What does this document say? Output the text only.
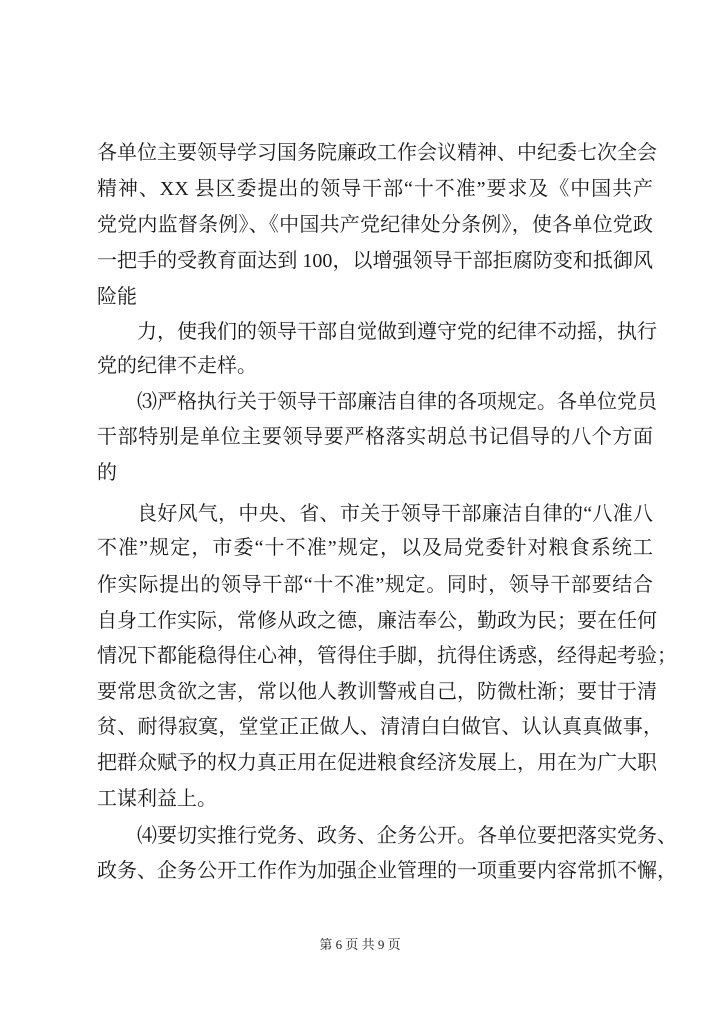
各单位主要领导学习国务院廉政工作会议精神、中纪委七次全会
精神、XX 县区委提出的领导干部“十不准”要求及《中国共产
党党内监督条例》、《中国共产党纪律处分条例》，使各单位党政
一把手的受教育面达到 100，以增强领导干部拒腐防变和抵御风
险能
力，使我们的领导干部自觉做到遵守党的纪律不动摇，执行
党的纪律不走样。
⑶严格执行关于领导干部廉洁自律的各项规定。各单位党员
干部特别是单位主要领导要严格落实胡总书记倡导的八个方面
的
良好风气，中央、省、市关于领导干部廉洁自律的“八准八
不准”规定，市委“十不准”规定，以及局党委针对粮食系统工
作实际提出的领导干部“十不准”规定。同时，领导干部要结合
自身工作实际，常修从政之德，廉洁奉公，勤政为民；要在任何
情况下都能稳得住心神，管得住手脚，抗得住诱惑，经得起考验；
要常思贪欲之害，常以他人教训警戒自己，防微杜渐；要甘于清
贫、耐得寂寞，堂堂正正做人、清清白白做官、认认真真做事，
把群众赋予的权力真正用在促进粮食经济发展上，用在为广大职
工谋利益上。
⑷要切实推行党务、政务、企务公开。各单位要把落实党务、
政务、企务公开工作作为加强企业管理的一项重要内容常抓不懈，
第 6 页 共 9 页
